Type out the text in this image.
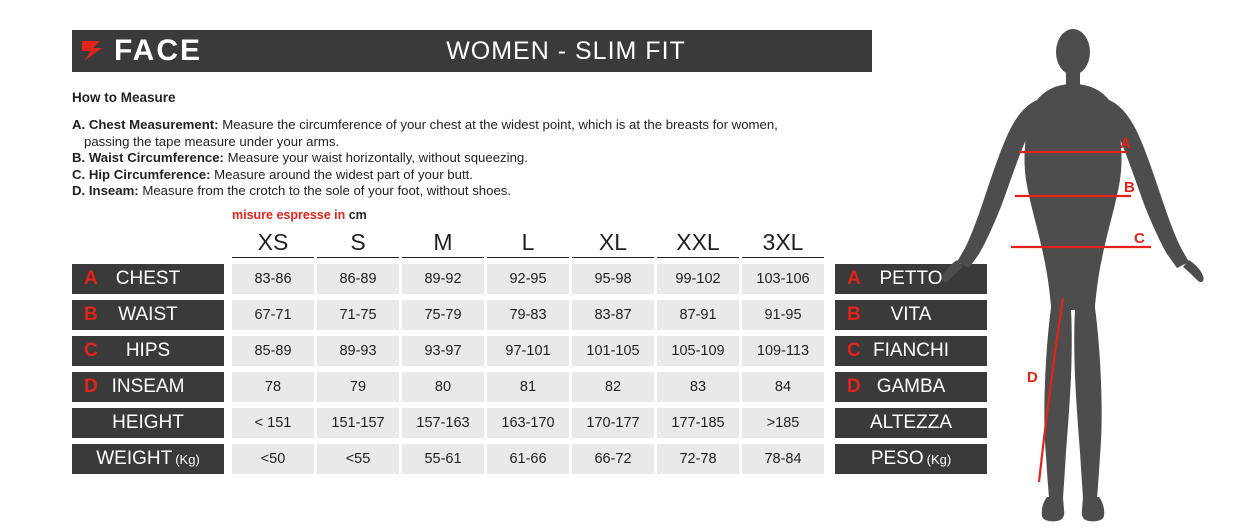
FACE	WOMEN - SLIM FIT
How to Measure
A. Chest Measurement: Measure the circumference of your chest at the widest point, which is at the breasts for women,
passing the tape measure under your arms.
B. Waist Circumference: Measure your waist horizontally, without squeezing.
C. Hip Circumference: Measure around the widest part of your butt.
D. Inseam: Measure from the crotch to the sole of your foot, without shoes.
misure espresse in cm
XS	S	M	L	XL	XXL	3XL
A CHEST	83-86	86-89	89-92	92-95	95-98	99-102	103-106	A PETTO
B WAIST	67-71	71-75	75-79	79-83	83-87	87-91	91-95	B VITA
C HIPS	85-89	89-93	93-97	97-101	101-105	105-109	109-113	C FIANCHI
D INSEAM	78	79	80	81	82	83	84	D GAMBA
HEIGHT	< 151	151-157	157-163	163-170	170-177	177-185	>185	ALTEZZA
WEIGHT (Kg)	<50	<55	55-61	61-66	66-72	72-78	78-84	PESO (Kg)
A
B
C
D
